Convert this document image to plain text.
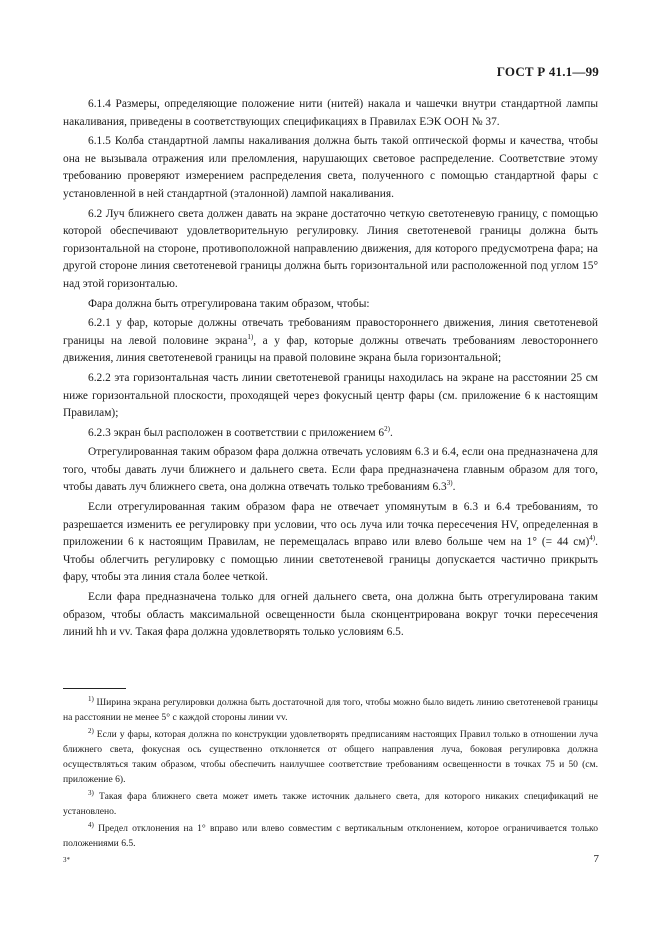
ГОСТ Р 41.1—99

6.1.4 Размеры, определяющие положение нити (нитей) накала и чашечки внутри стандартной лампы накаливания, приведены в соответствующих спецификациях в Правилах ЕЭК ООН № 37.

6.1.5 Колба стандартной лампы накаливания должна быть такой оптической формы и качества, чтобы она не вызывала отражения или преломления, нарушающих световое распределение. Соответствие этому требованию проверяют измерением распределения света, полученного с помощью стандартной фары с установленной в ней стандартной (эталонной) лампой накаливания.

6.2 Луч ближнего света должен давать на экране достаточно четкую светотеневую границу, с помощью которой обеспечивают удовлетворительную регулировку. Линия светотеневой границы должна быть горизонтальной на стороне, противоположной направлению движения, для которого предусмотрена фара; на другой стороне линия светотеневой границы должна быть горизонтальной или расположенной под углом 15° над этой горизонталью.

Фара должна быть отрегулирована таким образом, чтобы:

6.2.1 у фар, которые должны отвечать требованиям правостороннего движения, линия светотеневой границы на левой половине экрана$^{1)}$, а у фар, которые должны отвечать требованиям левостороннего движения, линия светотеневой границы на правой половине экрана была горизонтальной;

6.2.2 эта горизонтальная часть линии светотеневой границы находилась на экране на расстоянии 25 см ниже горизонтальной плоскости, проходящей через фокусный центр фары (см. приложение 6 к настоящим Правилам);

6.2.3 экран был расположен в соответствии с приложением 6$^{2)}$.

Отрегулированная таким образом фара должна отвечать условиям 6.3 и 6.4, если она предназначена для того, чтобы давать лучи ближнего и дальнего света. Если фара предназначена главным образом для того, чтобы давать луч ближнего света, она должна отвечать только требованиям 6.3$^{3)}$.

Если отрегулированная таким образом фара не отвечает упомянутым в 6.3 и 6.4 требованиям, то разрешается изменить ее регулировку при условии, что ось луча или точка пересечения HV, определенная в приложении 6 к настоящим Правилам, не перемещалась вправо или влево больше чем на 1° (= 44 см)$^{4)}$. Чтобы облегчить регулировку с помощью линии светотеневой границы допускается частично прикрыть фару, чтобы эта линия стала более четкой.

Если фара предназначена только для огней дальнего света, она должна быть отрегулирована таким образом, чтобы область максимальной освещенности была сконцентрирована вокруг точки пересечения линий hh и vv. Такая фара должна удовлетворять только условиям 6.5.

$^{1)}$ Ширина экрана регулировки должна быть достаточной для того, чтобы можно было видеть линию светотеневой границы на расстоянии не менее 5° с каждой стороны линии vv.

$^{2)}$ Если у фары, которая должна по конструкции удовлетворять предписаниям настоящих Правил только в отношении луча ближнего света, фокусная ось существенно отклоняется от общего направления луча, боковая регулировка должна осуществляться таким образом, чтобы обеспечить наилучшее соответствие требованиям освещенности в точках 75 и 50 (см. приложение 6).

$^{3)}$ Такая фара ближнего света может иметь также источник дальнего света, для которого никаких спецификаций не установлено.

$^{4)}$ Предел отклонения на 1° вправо или влево совместим с вертикальным отклонением, которое ограничивается только положениями 6.5.

3*	7
